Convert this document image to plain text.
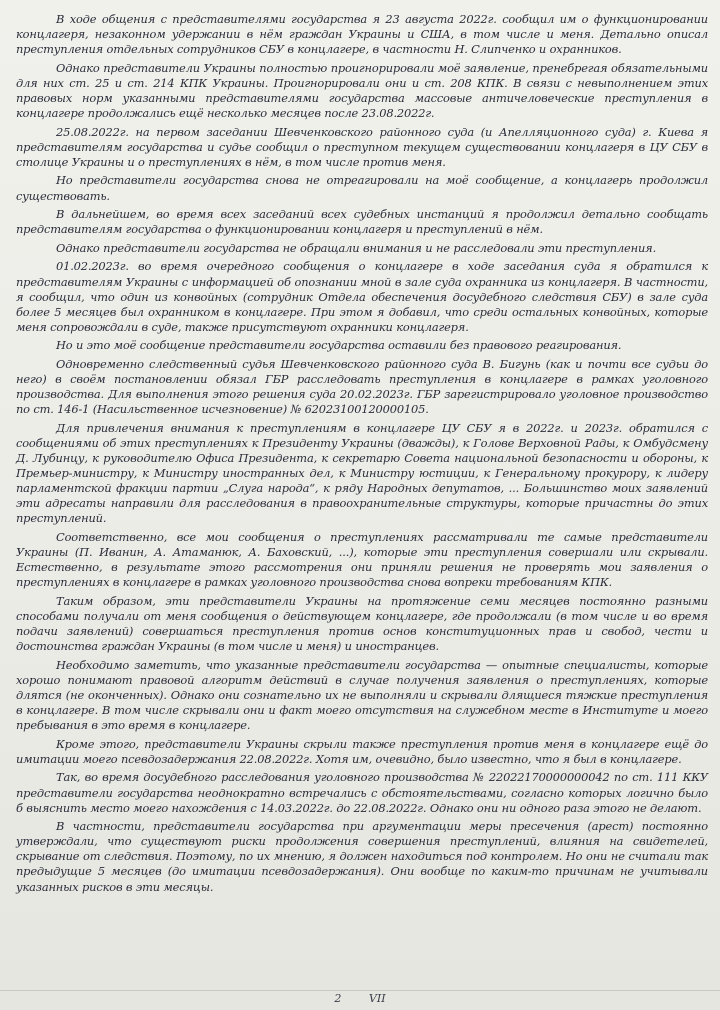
В ходе общения с представителями государства я 23 августа 2022г. сообщил им о функционировании концлагеря, незаконном удержании в нём граждан Украины и США, в том числе и меня. Детально описал преступления отдельных сотрудников СБУ в концлагере, в частности Н. Слипченко и охранников.

Однако представители Украины полностью проигнорировали моё заявление, пренебрегая обязательными для них ст. 25 и ст. 214 КПК Украины. Проигнорировали они и ст. 208 КПК. В связи с невыполнением этих правовых норм указанными представителями государства массовые античеловеческие преступления в концлагере продолжались ещё несколько месяцев после 23.08.2022г.

25.08.2022г. на первом заседании Шевченковского районного суда (и Апелляционного суда) г. Киева я представителям государства и судье сообщил о преступном текущем существовании концлагеря в ЦУ СБУ в столице Украины и о преступлениях в нём, в том числе против меня.

Но представители государства снова не отреагировали на моё сообщение, а концлагерь продолжил существовать.

В дальнейшем, во время всех заседаний всех судебных инстанций я продолжил детально сообщать представителям государства о функционировании концлагеря и преступлений в нём.

Однако представители государства не обращали внимания и не расследовали эти преступления.

01.02.2023г. во время очередного сообщения о концлагере в ходе заседания суда я обратился к представителям Украины с информацией об опознании мной в зале суда охранника из концлагеря. В частности, я сообщил, что один из конвойных (сотрудник Отдела обеспечения досудебного следствия СБУ) в зале суда более 5 месяцев был охранником в концлагере. При этом я добавил, что среди остальных конвойных, которые меня сопровождали в суде, также присутствуют охранники концлагеря.

Но и это моё сообщение представители государства оставили без правового реагирования.

Одновременно следственный судья Шевченковского районного суда В. Бигунь (как и почти все судьи до него) в своём постановлении обязал ГБР расследовать преступления в концлагере в рамках уголовного производства. Для выполнения этого решения суда 20.02.2023г. ГБР зарегистрировало уголовное производство по ст. 146-1 (Насильственное исчезновение) № 62023100120000105.

Для привлечения внимания к преступлениям в концлагере ЦУ СБУ я в 2022г. и 2023г. обратился с сообщениями об этих преступлениях к Президенту Украины (дважды), к Голове Верховной Рады, к Омбудсмену Д. Лубинцу, к руководителю Офиса Президента, к секретарю Совета национальной безопасности и обороны, к Премьер-министру, к Министру иностранных дел, к Министру юстиции, к Генеральному прокурору, к лидеру парламентской фракции партии „Слуга народа“, к ряду Народных депутатов, ... Большинство моих заявлений эти адресаты направили для расследования в правоохранительные структуры, которые причастны до этих преступлений.

Соответственно, все мои сообщения о преступлениях рассматривали те самые представители Украины (П. Иванин, А. Атаманюк, А. Баховский, ...), которые эти преступления совершали или скрывали. Естественно, в результате этого рассмотрения они приняли решения не проверять мои заявления о преступлениях в концлагере в рамках уголовного производства снова вопреки требованиям КПК.

Таким образом, эти представители Украины на протяжение семи месяцев постоянно разными способами получали от меня сообщения о действующем концлагере, где продолжали (в том числе и во время подачи заявлений) совершаться преступления против основ конституционных прав и свобод, чести и достоинства граждан Украины (в том числе и меня) и иностранцев.

Необходимо заметить, что указанные представители государства — опытные специалисты, которые хорошо понимают правовой алгоритм действий в случае получения заявления о преступлениях, которые длятся (не оконченных). Однако они сознательно их не выполняли и скрывали длящиеся тяжкие преступления в концлагере. В том числе скрывали они и факт моего отсутствия на служебном месте в Институте и моего пребывания в это время в концлагере.

Кроме этого, представители Украины скрыли также преступления против меня в концлагере ещё до имитации моего псевдозадержания 22.08.2022г. Хотя им, очевидно, было известно, что я был в концлагере.

Так, во время досудебного расследования уголовного производства № 22022170000000042 по ст. 111 ККУ представители государства неоднократно встречались с обстоятельствами, согласно которых логично было б выяснить место моего нахождения с 14.03.2022г. до 22.08.2022г. Однако они ни одного раза этого не делают.

В частности, представители государства при аргументации меры пресечения (арест) постоянно утверждали, что существуют риски продолжения совершения преступлений, влияния на свидетелей, скрывание от следствия. Поэтому, по их мнению, я должен находиться под контролем. Но они не считали так предыдущие 5 месяцев (до имитации псевдозадержания). Они вообще по каким-то причинам не учитывали указанных рисков в эти месяцы.

2	VII
